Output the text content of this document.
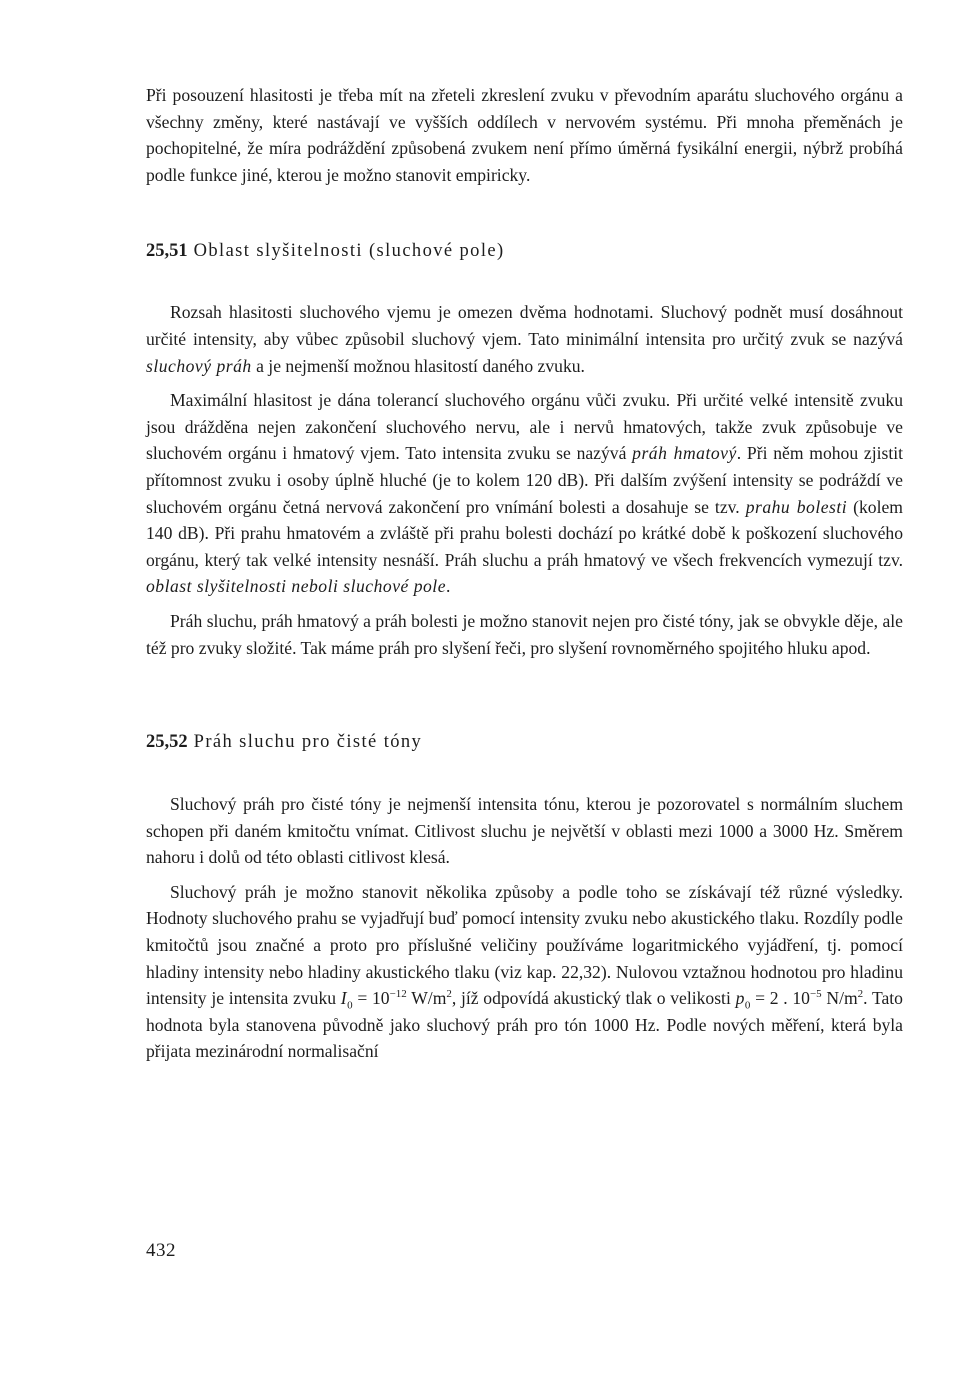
Při posouzení hlasitosti je třeba mít na zřeteli zkreslení zvuku v převodním aparátu sluchového orgánu a všechny změny, které nastávají ve vyšších oddílech v nervovém systému. Při mnoha přeměnách je pochopitelné, že míra podráždění způsobená zvukem není přímo úměrná fysikální energii, nýbrž probíhá podle funkce jiné, kterou je možno stanovit empiricky.

25,51 Oblast slyšitelnosti (sluchové pole)

Rozsah hlasitosti sluchového vjemu je omezen dvěma hodnotami. Sluchový podnět musí dosáhnout určité intensity, aby vůbec způsobil sluchový vjem. Tato minimální intensita pro určitý zvuk se nazývá sluchový práh a je nejmenší možnou hlasitostí daného zvuku.

Maximální hlasitost je dána tolerancí sluchového orgánu vůči zvuku. Při určité velké intensitě zvuku jsou drážděna nejen zakončení sluchového nervu, ale i nervů hmatových, takže zvuk způsobuje ve sluchovém orgánu i hmatový vjem. Tato intensita zvuku se nazývá práh hmatový. Při něm mohou zjistit přítomnost zvuku i osoby úplně hluché (je to kolem 120 dB). Při dalším zvýšení intensity se podráždí ve sluchovém orgánu četná nervová zakončení pro vnímání bolesti a dosahuje se tzv. prahu bolesti (kolem 140 dB). Při prahu hmatovém a zvláště při prahu bolesti dochází po krátké době k poškození sluchového orgánu, který tak velké intensity nesnáší. Práh sluchu a práh hmatový ve všech frekvencích vymezují tzv. oblast slyšitelnosti neboli sluchové pole.

Práh sluchu, práh hmatový a práh bolesti je možno stanovit nejen pro čisté tóny, jak se obvykle děje, ale též pro zvuky složité. Tak máme práh pro slyšení řeči, pro slyšení rovnoměrného spojitého hluku apod.

25,52 Práh sluchu pro čisté tóny

Sluchový práh pro čisté tóny je nejmenší intensita tónu, kterou je pozorovatel s normálním sluchem schopen při daném kmitočtu vnímat. Citlivost sluchu je největší v oblasti mezi 1000 a 3000 Hz. Směrem nahoru i dolů od této oblasti citlivost klesá.

Sluchový práh je možno stanovit několika způsoby a podle toho se získávají též různé výsledky. Hodnoty sluchového prahu se vyjadřují buď pomocí intensity zvuku nebo akustického tlaku. Rozdíly podle kmitočtů jsou značné a proto pro příslušné veličiny používáme logaritmického vyjádření, tj. pomocí hladiny intensity nebo hladiny akustického tlaku (viz kap. 22,32). Nulovou vztažnou hodnotou pro hladinu intensity je intensita zvuku $I_0 = 10^{-12}$ $W/m^2$, jíž odpovídá akustický tlak o velikosti $p_0 = 2$ . $10^{-5}$ $N/m^2$. Tato hodnota byla stanovena původně jako sluchový práh pro tón 1000 Hz. Podle nových měření, která byla přijata mezinárodní normalisační

432
